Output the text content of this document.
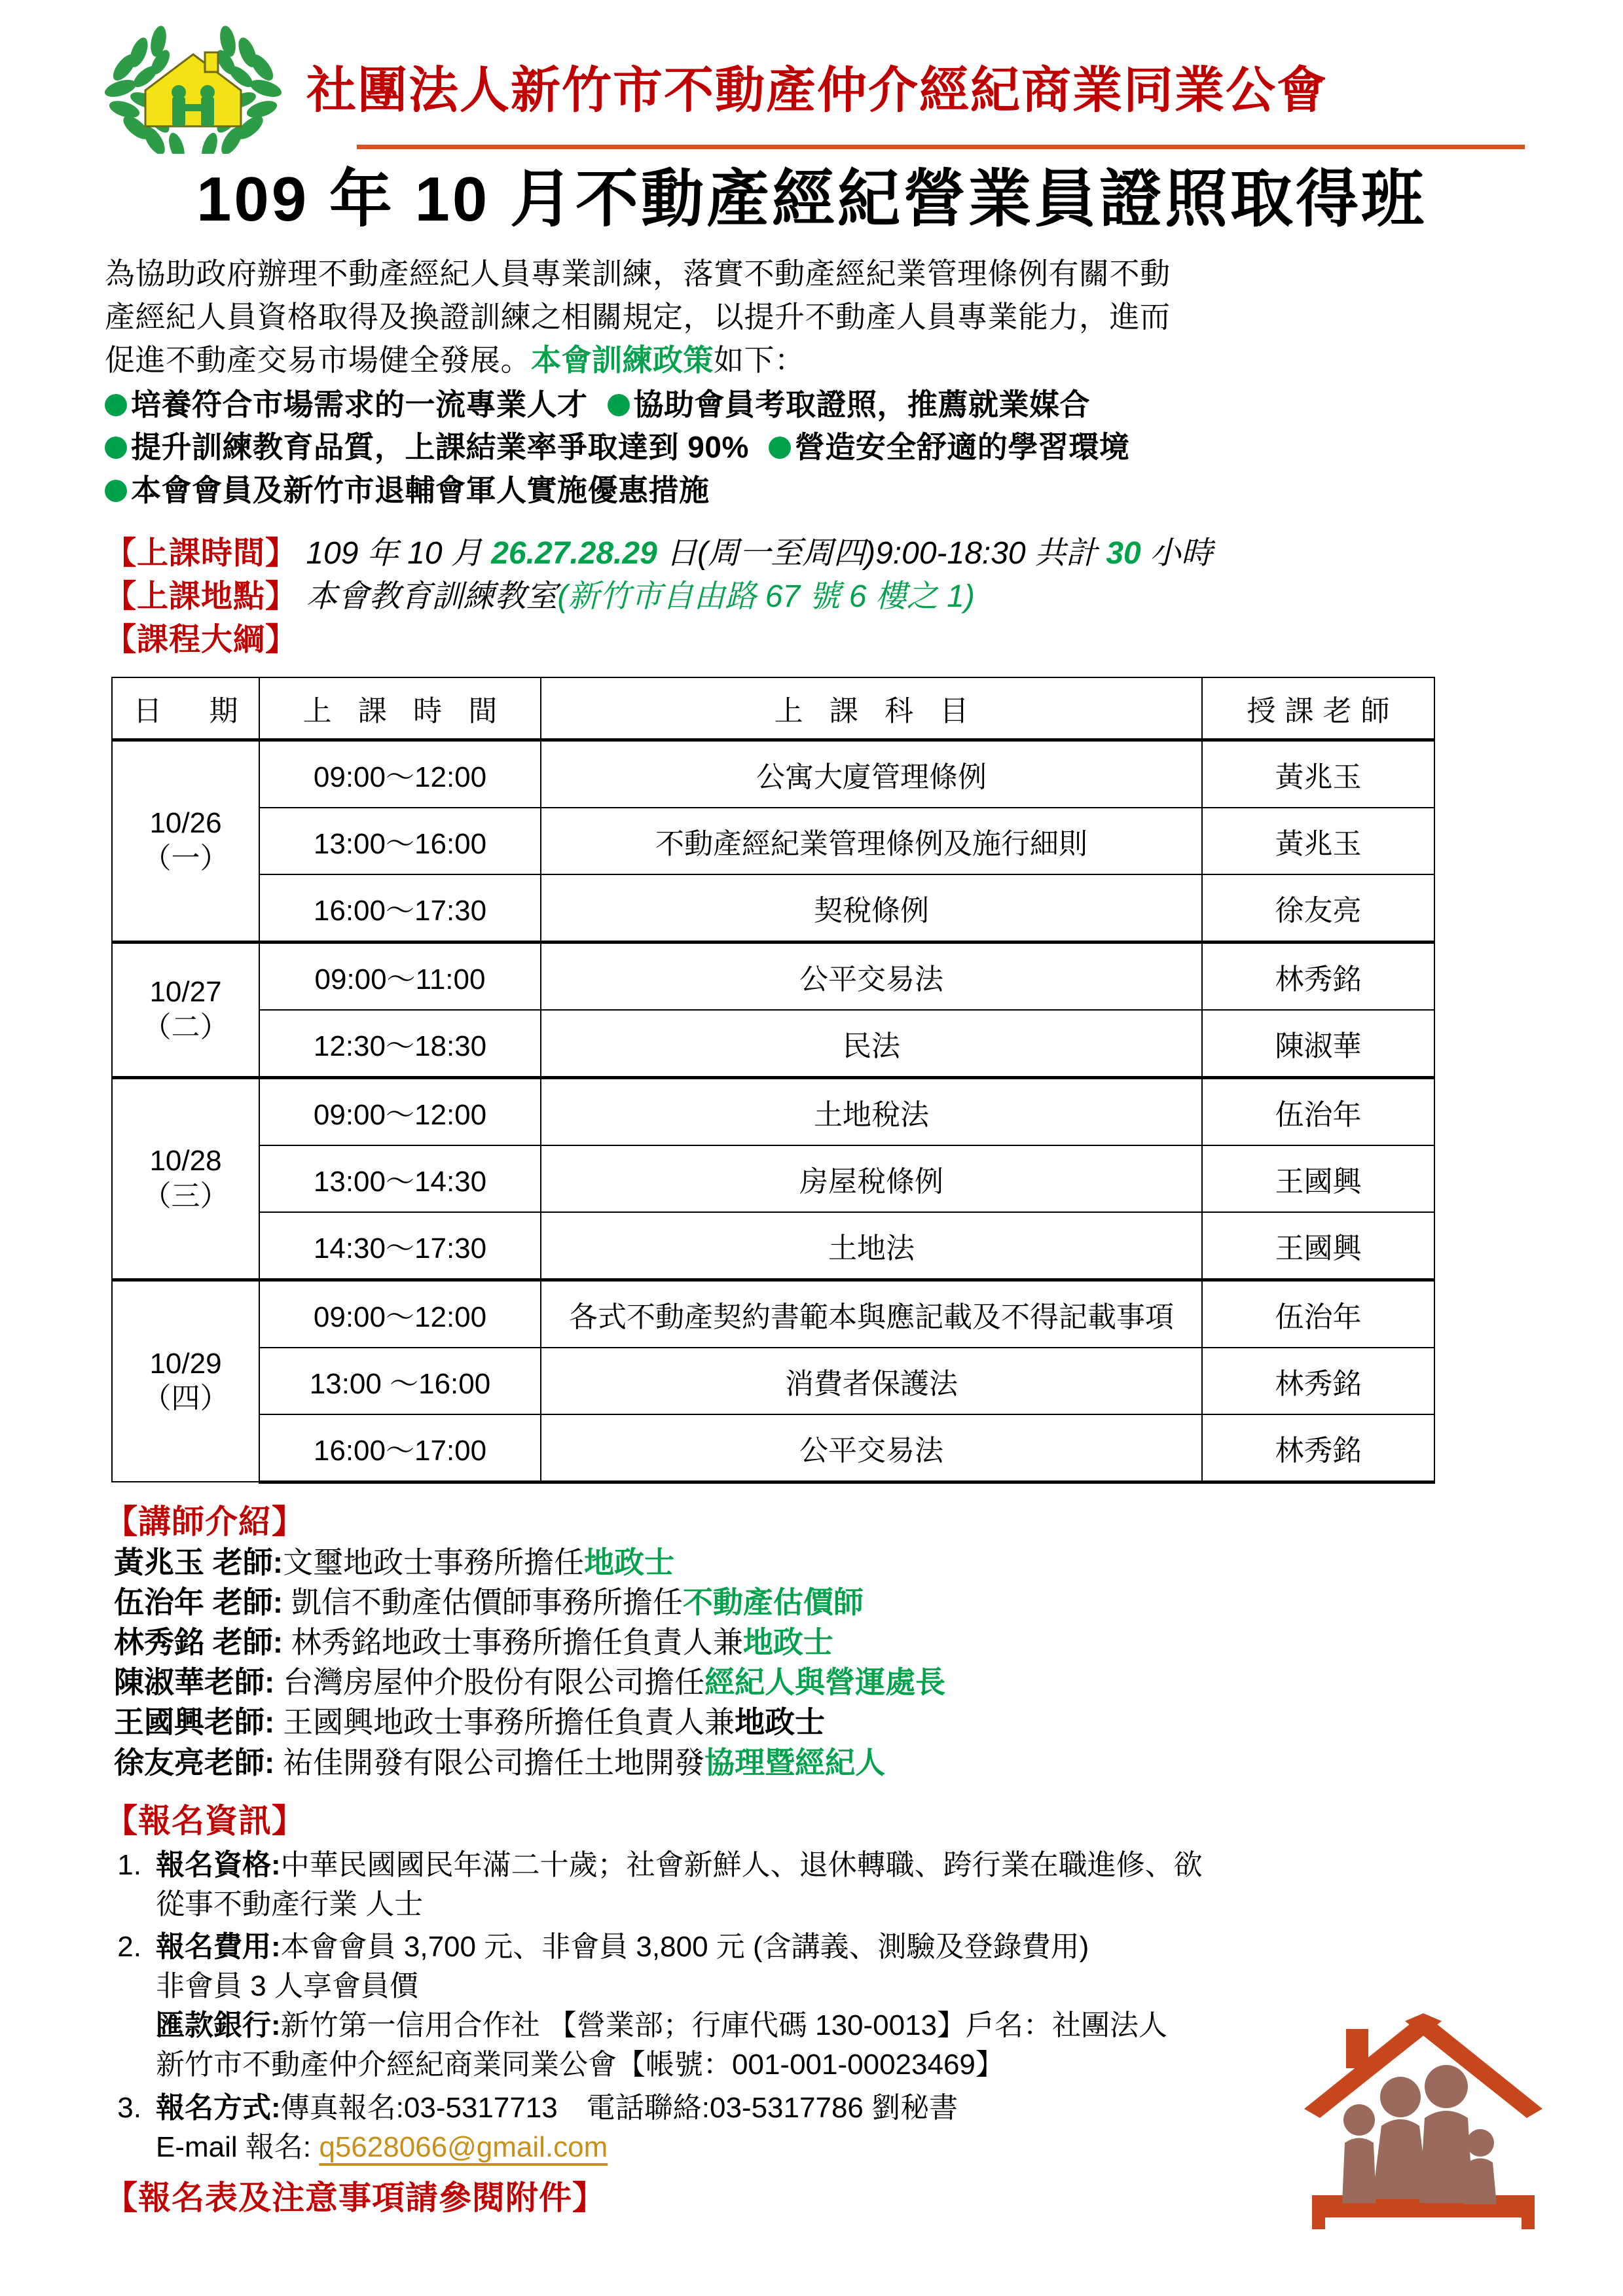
社團法人新竹市不動產仲介經紀商業同業公會
109 年 10 月不動產經紀營業員證照取得班
為協助政府辦理不動產經紀人員專業訓練，落實不動產經紀業管理條例有關不動
產經紀人員資格取得及換證訓練之相關規定，以提升不動產人員專業能力，進而
促進不動產交易市場健全發展。本會訓練政策如下：
培養符合市場需求的一流專業人才 協助會員考取證照，推薦就業媒合
提升訓練教育品質，上課結業率爭取達到 90% 營造安全舒適的學習環境
本會會員及新竹市退輔會軍人實施優惠措施
【上課時間】 109 年 10 月 26.27.28.29 日(周一至周四)9:00-18:30 共計 30 小時
【上課地點】 本會教育訓練教室(新竹市自由路 67 號 6 樓之 1)
【課程大綱】
日　期	上 課 時 間	上 課 科 目	授課老師
10/26
（一）	09:00～12:00	公寓大廈管理條例	黃兆玉
	13:00～16:00	不動產經紀業管理條例及施行細則	黃兆玉
	16:00～17:30	契稅條例	徐友亮
10/27
（二）	09:00～11:00	公平交易法	林秀銘
	12:30～18:30	民法	陳淑華
10/28
（三）	09:00～12:00	土地稅法	伍治年
	13:00～14:30	房屋稅條例	王國興
	14:30～17:30	土地法	王國興
10/29
（四）	09:00～12:00	各式不動產契約書範本與應記載及不得記載事項	伍治年
	13:00 ～16:00	消費者保護法	林秀銘
	16:00～17:00	公平交易法	林秀銘
【講師介紹】
黃兆玉 老師:文璽地政士事務所擔任地政士
伍治年 老師: 凱信不動產估價師事務所擔任不動產估價師
林秀銘 老師: 林秀銘地政士事務所擔任負責人兼地政士
陳淑華老師: 台灣房屋仲介股份有限公司擔任經紀人與營運處長
王國興老師: 王國興地政士事務所擔任負責人兼地政士
徐友亮老師: 祐佳開發有限公司擔任土地開發協理暨經紀人
【報名資訊】
1. 報名資格:中華民國國民年滿二十歲；社會新鮮人、退休轉職、跨行業在職進修、欲
從事不動產行業 人士
2. 報名費用:本會會員 3,700 元、非會員 3,800 元 (含講義、測驗及登錄費用)
非會員 3 人享會員價
匯款銀行:新竹第一信用合作社 【營業部；行庫代碼 130-0013】戶名：社團法人
新竹市不動產仲介經紀商業同業公會【帳號：001-001-00023469】
3. 報名方式:傳真報名:03-5317713　電話聯絡:03-5317786 劉秘書
E-mail 報名: q5628066@gmail.com
【報名表及注意事項請參閱附件】
